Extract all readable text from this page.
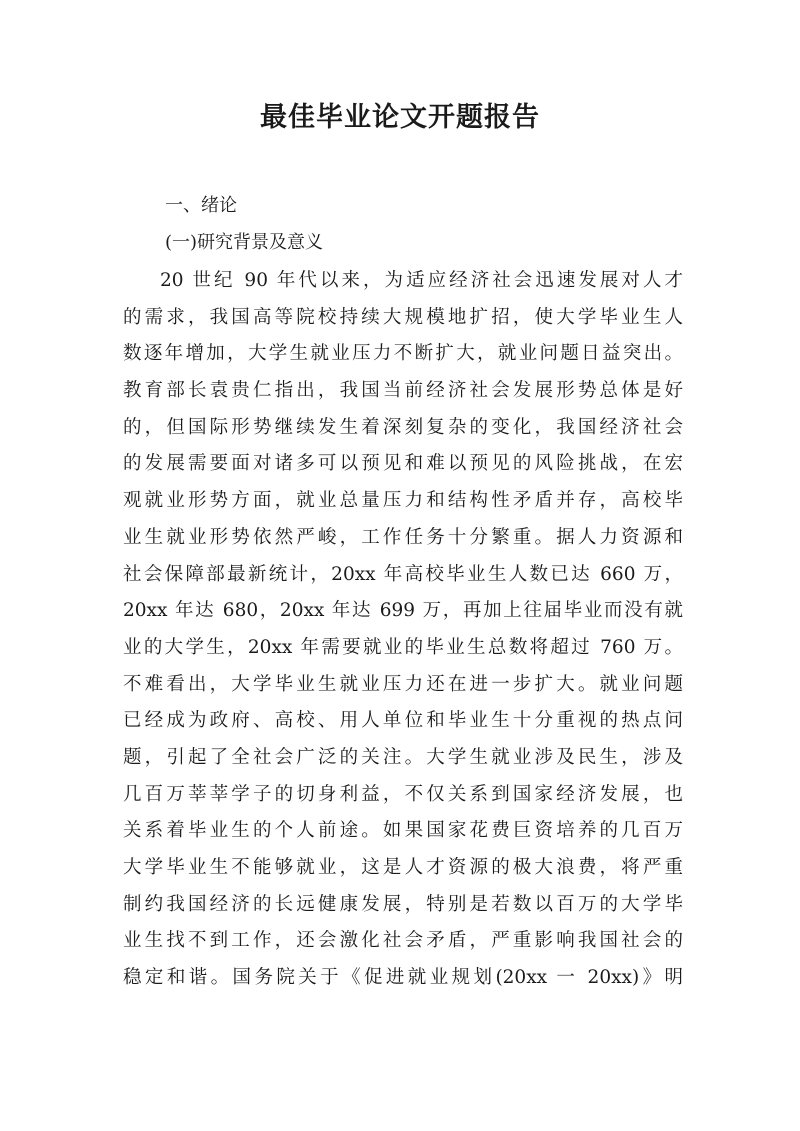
最佳毕业论文开题报告

一、绪论

(一)研究背景及意义

20 世纪 90 年代以来，为适应经济社会迅速发展对人才
的需求，我国高等院校持续大规模地扩招，使大学毕业生人
数逐年增加，大学生就业压力不断扩大，就业问题日益突出。
教育部长袁贵仁指出，我国当前经济社会发展形势总体是好
的，但国际形势继续发生着深刻复杂的变化，我国经济社会
的发展需要面对诸多可以预见和难以预见的风险挑战，在宏
观就业形势方面，就业总量压力和结构性矛盾并存，高校毕
业生就业形势依然严峻，工作任务十分繁重。据人力资源和
社会保障部最新统计，20xx 年高校毕业生人数已达 660 万，
20xx 年达 680，20xx 年达 699 万，再加上往届毕业而没有就
业的大学生，20xx 年需要就业的毕业生总数将超过 760 万。
不难看出，大学毕业生就业压力还在进一步扩大。就业问题
已经成为政府、高校、用人单位和毕业生十分重视的热点问
题，引起了全社会广泛的关注。大学生就业涉及民生，涉及
几百万莘莘学子的切身利益，不仅关系到国家经济发展，也
关系着毕业生的个人前途。如果国家花费巨资培养的几百万
大学毕业生不能够就业，这是人才资源的极大浪费，将严重
制约我国经济的长远健康发展，特别是若数以百万的大学毕
业生找不到工作，还会激化社会矛盾，严重影响我国社会的
稳定和谐。国务院关于《促进就业规划(20xx 一 20xx)》明
